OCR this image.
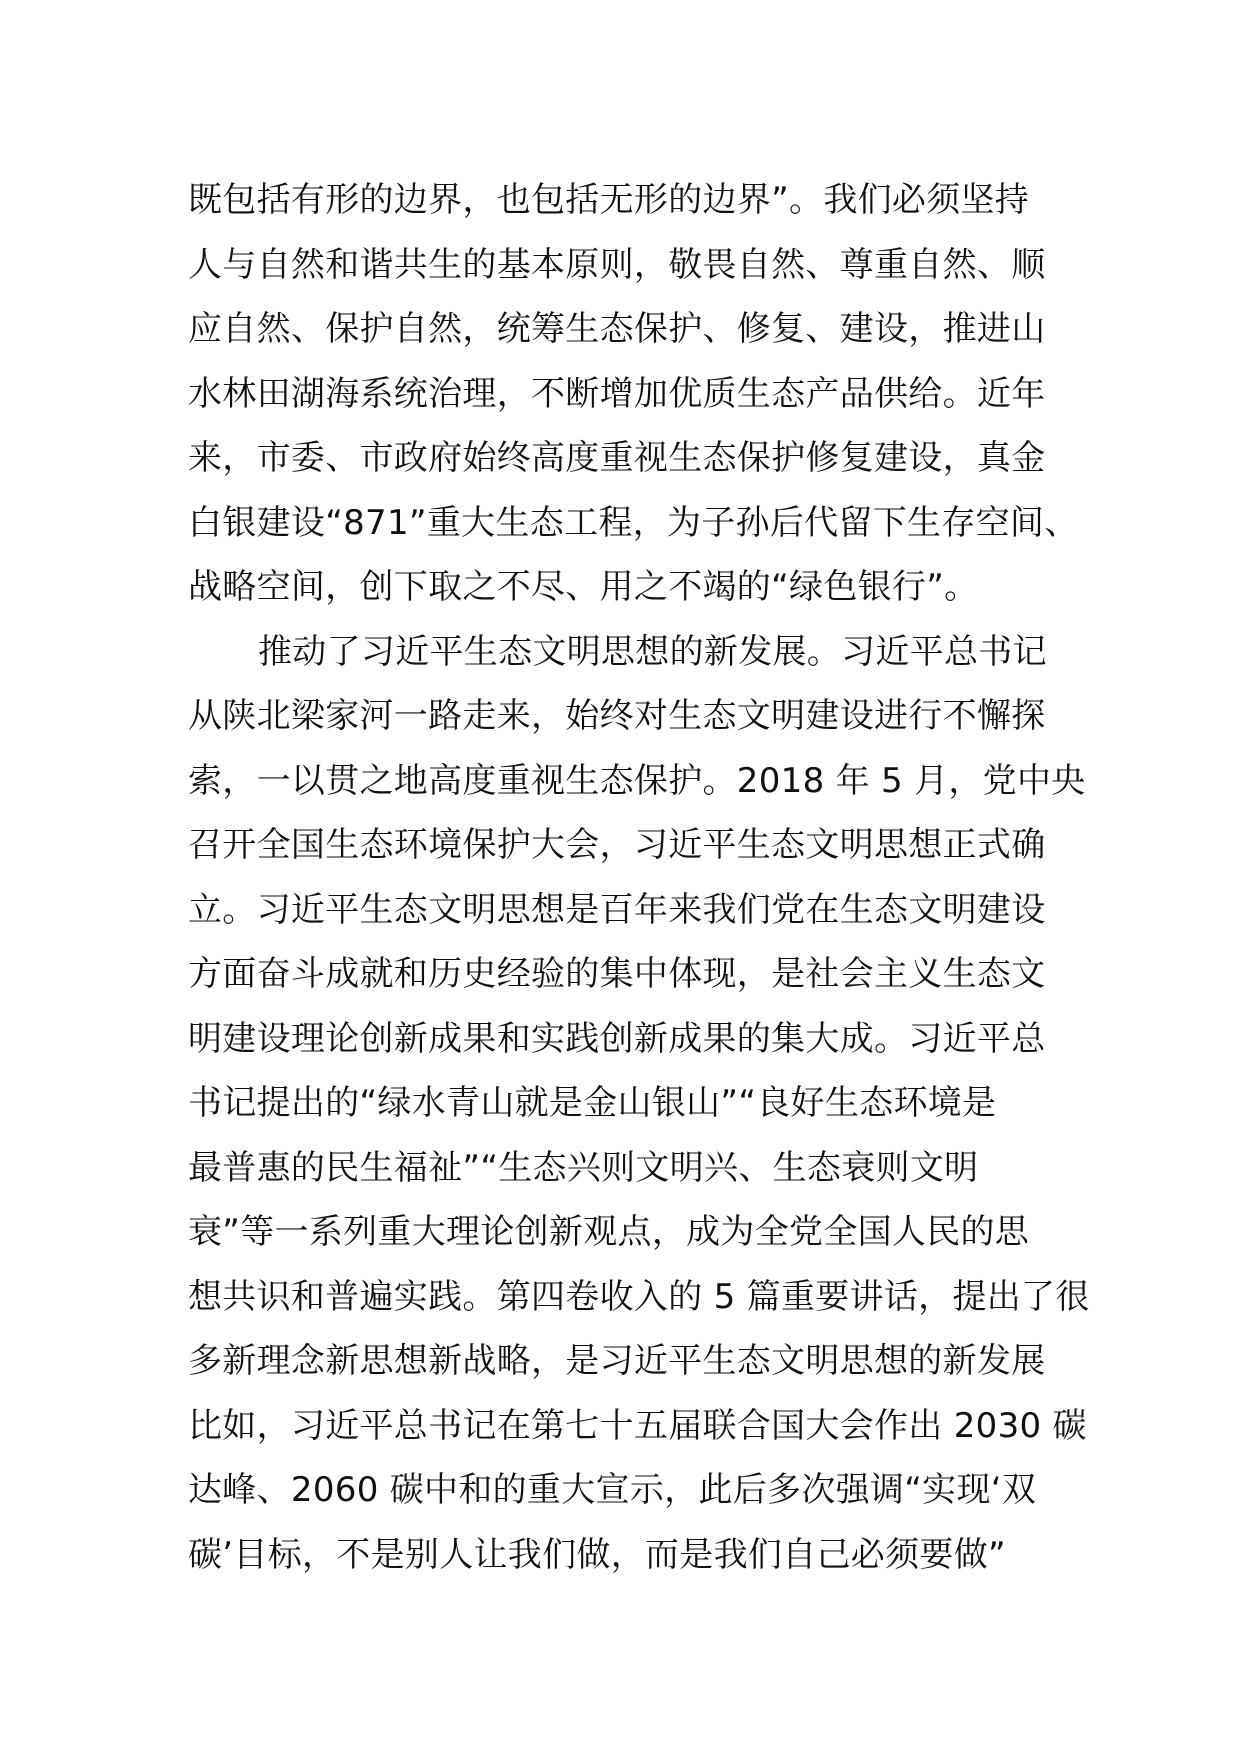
既包括有形的边界，也包括无形的边界”。我们必须坚持
人与自然和谐共生的基本原则，敬畏自然、尊重自然、顺
应自然、保护自然，统筹生态保护、修复、建设，推进山
水林田湖海系统治理，不断增加优质生态产品供给。近年
来，市委、市政府始终高度重视生态保护修复建设，真金
白银建设“871”重大生态工程，为子孙后代留下生存空间、
战略空间，创下取之不尽、用之不竭的“绿色银行”。
推动了习近平生态文明思想的新发展。习近平总书记
从陕北梁家河一路走来，始终对生态文明建设进行不懈探
索，一以贯之地高度重视生态保护。2018 年 5 月，党中央
召开全国生态环境保护大会，习近平生态文明思想正式确
立。习近平生态文明思想是百年来我们党在生态文明建设
方面奋斗成就和历史经验的集中体现，是社会主义生态文
明建设理论创新成果和实践创新成果的集大成。习近平总
书记提出的“绿水青山就是金山银山”“良好生态环境是
最普惠的民生福祉”“生态兴则文明兴、生态衰则文明
衰”等一系列重大理论创新观点，成为全党全国人民的思
想共识和普遍实践。第四卷收入的 5 篇重要讲话，提出了很
多新理念新思想新战略，是习近平生态文明思想的新发展
比如，习近平总书记在第七十五届联合国大会作出 2030 碳
达峰、2060 碳中和的重大宣示，此后多次强调“实现‘双
碳’目标，不是别人让我们做，而是我们自己必须要做”
